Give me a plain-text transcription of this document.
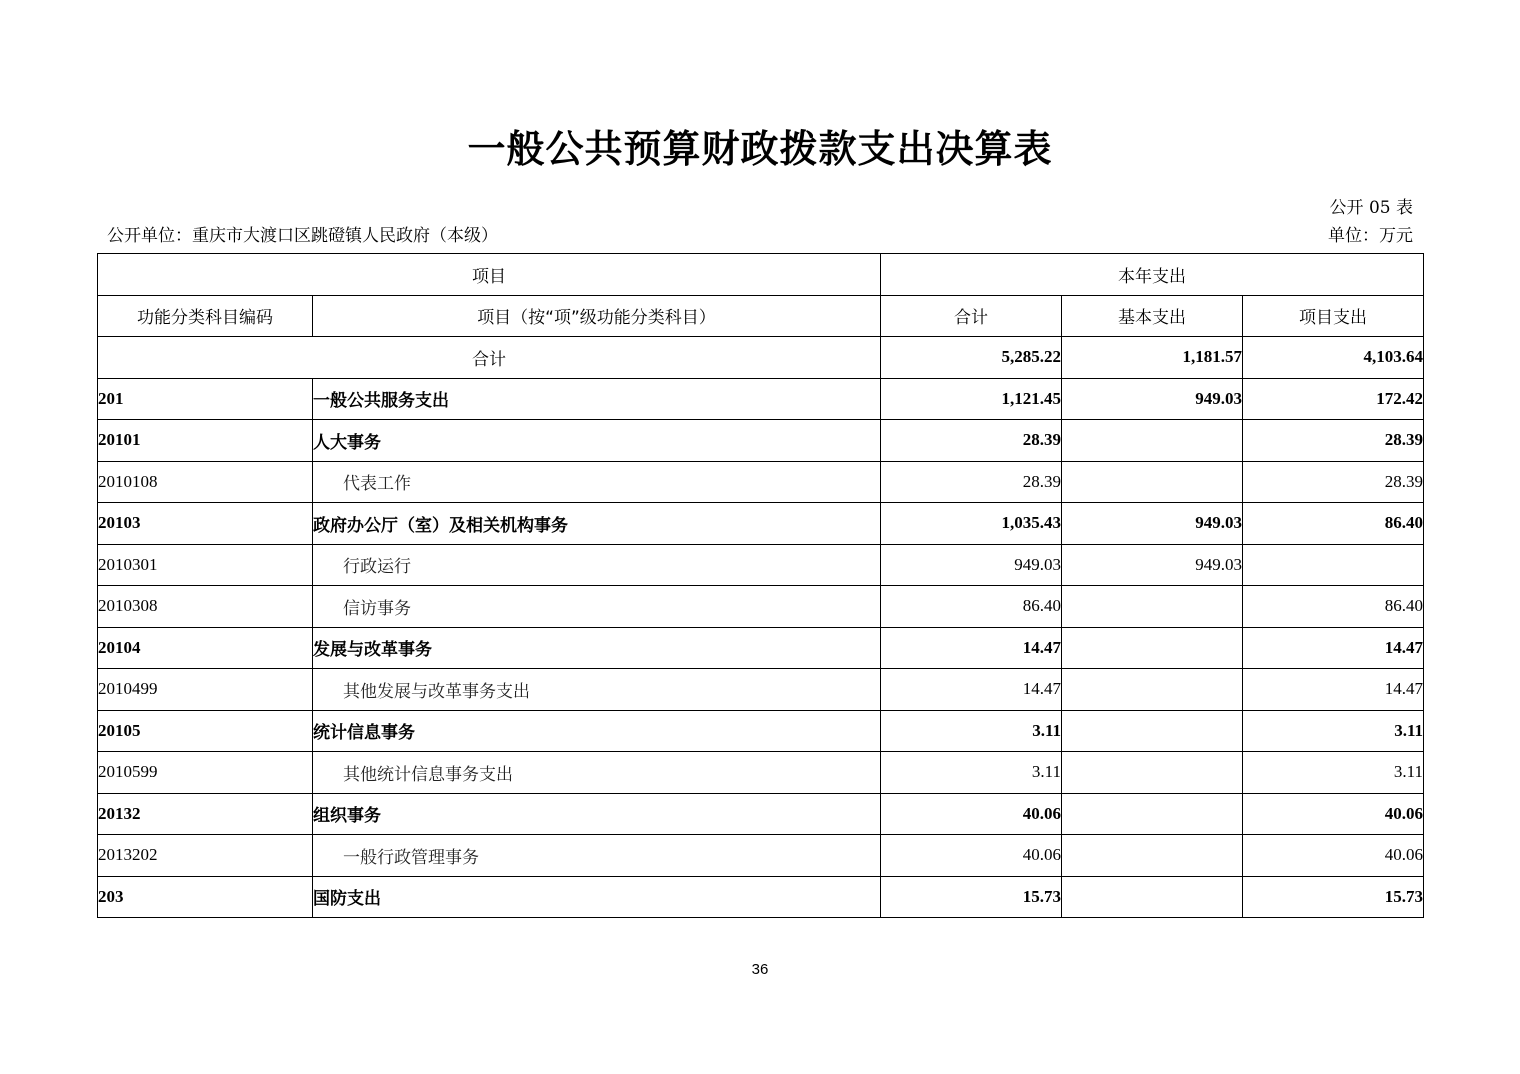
一般公共预算财政拨款支出决算表
公开 05 表
公开单位：重庆市大渡口区跳磴镇人民政府（本级）	单位：万元
项目		本年支出		
功能分类科目编码	项目（按“项”级功能分类科目）	合计	基本支出	项目支出
合计		5,285.22	1,181.57	4,103.64
201	一般公共服务支出	1,121.45	949.03	172.42
20101	人大事务	28.39		28.39
2010108	代表工作	28.39		28.39
20103	政府办公厅（室）及相关机构事务	1,035.43	949.03	86.40
2010301	行政运行	949.03	949.03	
2010308	信访事务	86.40		86.40
20104	发展与改革事务	14.47		14.47
2010499	其他发展与改革事务支出	14.47		14.47
20105	统计信息事务	3.11		3.11
2010599	其他统计信息事务支出	3.11		3.11
20132	组织事务	40.06		40.06
2013202	一般行政管理事务	40.06		40.06
203	国防支出	15.73		15.73
36
